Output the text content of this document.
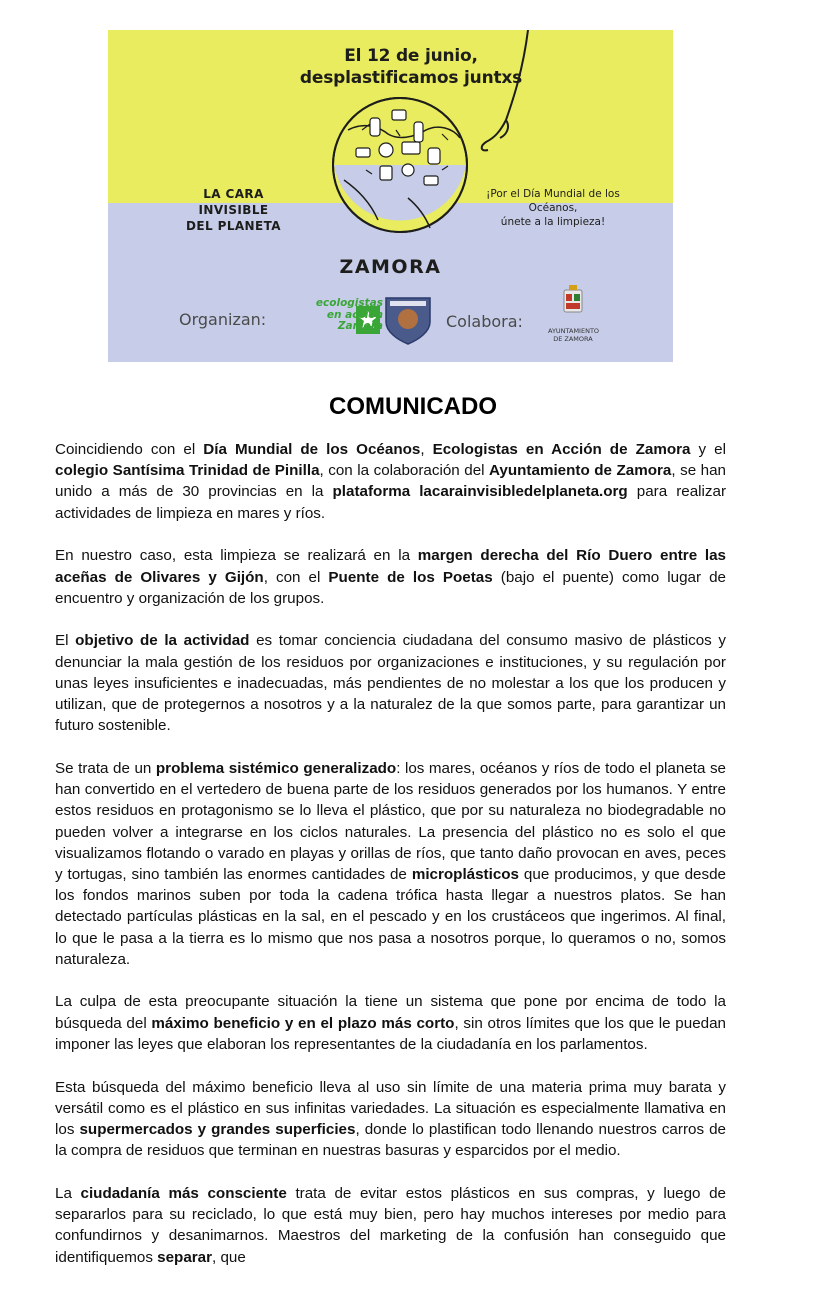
El 12 de junio,
desplastificamos juntxs
LA CARA INVISIBLE
DEL PLANETA
¡Por el Día Mundial de los Océanos,
únete a la limpieza!
ZAMORA
Organizan:
ecologistas
en acción
Zamora	Colabora:	AYUNTAMIENTO
DE ZAMORA
COMUNICADO

Coincidiendo con el Día Mundial de los Océanos, Ecologistas en Acción de Zamora y el colegio Santísima Trinidad de Pinilla, con la colaboración del Ayuntamiento de Zamora, se han unido a más de 30 provincias en la plataforma lacarainvisibledelplaneta.org para realizar actividades de limpieza en mares y ríos.

En nuestro caso, esta limpieza se realizará en la margen derecha del Río Duero entre las aceñas de Olivares y Gijón, con el Puente de los Poetas (bajo el puente) como lugar de encuentro y organización de los grupos.

El objetivo de la actividad es tomar conciencia ciudadana del consumo masivo de plásticos y denunciar la mala gestión de los residuos por organizaciones e instituciones, y su regulación por unas leyes insuficientes e inadecuadas, más pendientes de no molestar a los que los producen y utilizan, que de protegernos a nosotros y a la naturalez de la que somos parte, para garantizar un futuro sostenible.

Se trata de un problema sistémico generalizado: los mares, océanos y ríos de todo el planeta se han convertido en el vertedero de buena parte de los residuos generados por los humanos. Y entre estos residuos en protagonismo se lo lleva el plástico, que por su naturaleza no biodegradable no pueden volver a integrarse en los ciclos naturales. La presencia del plástico no es solo el que visualizamos flotando o varado en playas y orillas de ríos, que tanto daño provocan en aves, peces y tortugas, sino también las enormes cantidades de microplásticos que producimos, y que desde los fondos marinos suben por toda la cadena trófica hasta llegar a nuestros platos. Se han detectado partículas plásticas en la sal, en el pescado y en los crustáceos que ingerimos. Al final, lo que le pasa a la tierra es lo mismo que nos pasa a nosotros porque, lo queramos o no, somos naturaleza.

La culpa de esta preocupante situación la tiene un sistema que pone por encima de todo la búsqueda del máximo beneficio y en el plazo más corto, sin otros límites que los que le puedan imponer las leyes que elaboran los representantes de la ciudadanía en los parlamentos.

Esta búsqueda del máximo beneficio lleva al uso sin límite de una materia prima muy barata y versátil como es el plástico en sus infinitas variedades. La situación es especialmente llamativa en los supermercados y grandes superficies, donde lo plastifican todo llenando nuestros carros de la compra de residuos que terminan en nuestras basuras y esparcidos por el medio.

La ciudadanía más consciente trata de evitar estos plásticos en sus compras, y luego de separarlos para su reciclado, lo que está muy bien, pero hay muchos intereses por medio para confundirnos y desanimarnos. Maestros del marketing de la confusión han conseguido que identifiquemos separar, que
